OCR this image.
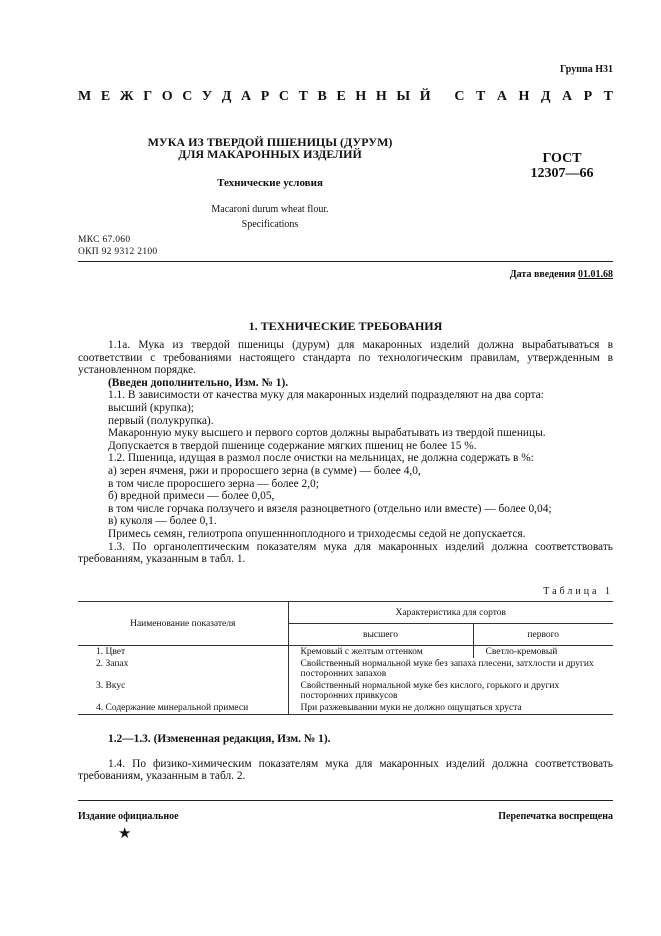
Группа Н31
М Е Ж Г О С У Д А Р С Т В Е Н Н Ы Й С Т А Н Д А Р Т
МУКА ИЗ ТВЕРДОЙ ПШЕНИЦЫ (ДУРУМ)
ДЛЯ МАКАРОННЫХ ИЗДЕЛИЙ
Технические условия
Macaroni durum wheat flour.
Specifications
ГОСТ
12307—66
МКС 67.060
ОКП 92 9312 2100
Дата введения 01.01.68
1. ТЕХНИЧЕСКИЕ ТРЕБОВАНИЯ

1.1а. Мука из твердой пшеницы (дурум) для макаронных изделий должна вырабатываться в соответствии с требованиями настоящего стандарта по технологическим правилам, утвержденным в установленном порядке.

(Введен дополнительно, Изм. № 1).

1.1. В зависимости от качества муку для макаронных изделий подразделяют на два сорта:

высший (крупка);

первый (полукрупка).

Макаронную муку высшего и первого сортов должны вырабатывать из твердой пшеницы.

Допускается в твердой пшенице содержание мягких пшениц не более 15 %.

1.2. Пшеница, идущая в размол после очистки на мельницах, не должна содержать в %:

а) зерен ячменя, ржи и проросшего зерна (в сумме) — более 4,0,

в том числе проросшего зерна — более 2,0;

б) вредной примеси — более 0,05,

в том числе горчака ползучего и вязеля разноцветного (отдельно или вместе) — более 0,04;

в) куколя — более 0,1.

Примесь семян, гелиотропа опушеннноплодного и триходесмы седой не допускается.

1.3. По органолептическим показателям мука для макаронных изделий должна соответствовать требованиям, указанным в табл. 1.

Таблица 1
Наименование показателя	Характеристика для сортов	
	высшего	первого
1. Цвет	Кремовый с желтым оттенком	Светло-кремовый
2. Запах	Свойственный нормальной муке без запаха плесени, затхлости и других посторонних запахов	
3. Вкус	Свойственный нормальной муке без кислого, горького и других посторонних привкусов	
4. Содержание минеральной примеси	При разжевывании муки не должно ощущаться хруста	

1.2—1.3. (Измененная редакция, Изм. № 1).

1.4. По физико-химическим показателям мука для макаронных изделий должна соответствовать требованиям, указанным в табл. 2.

Издание официальное	Перепечатка воспрещена
★
